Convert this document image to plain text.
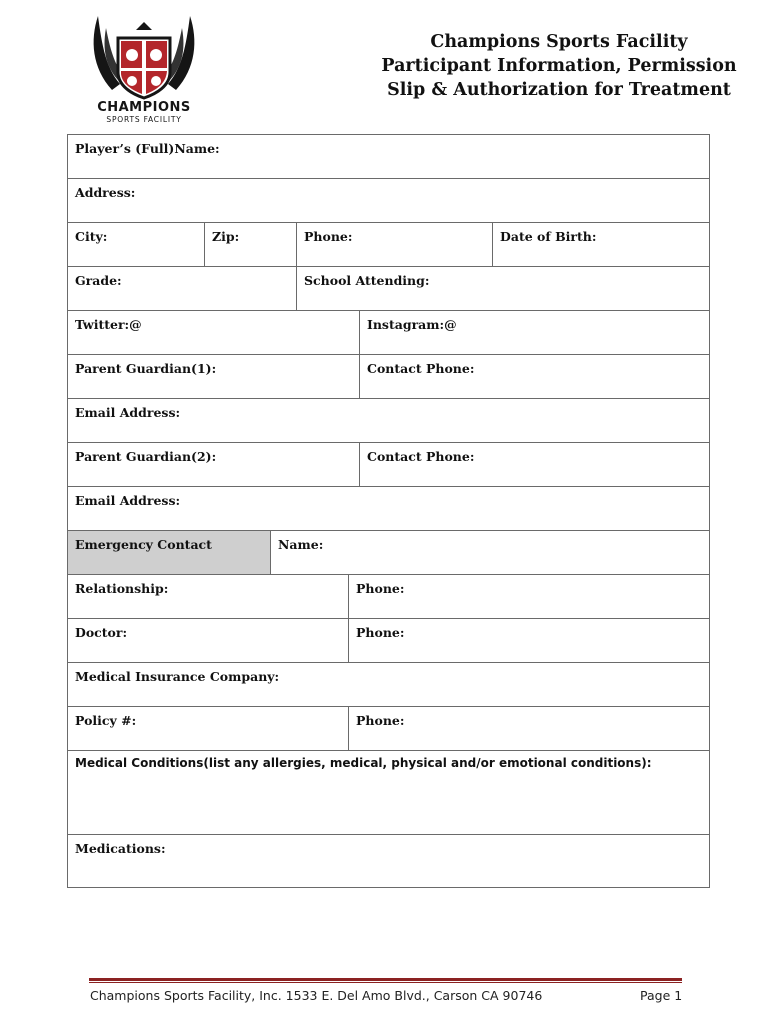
CHAMPIONS
SPORTS FACILITY
Champions Sports Facility
Participant Information, Permission
Slip & Authorization for Treatment
Player’s (Full)Name:
Address:
City:	Zip:	Phone:	Date of Birth:
Grade:	School Attending:
Twitter:@	Instagram:@
Parent Guardian(1):	Contact Phone:
Email Address:
Parent Guardian(2):	Contact Phone:
Email Address:
Emergency Contact	Name:
Relationship:	Phone:
Doctor:	Phone:
Medical Insurance Company:
Policy #:	Phone:
Medical Conditions(list any allergies, medical, physical and/or emotional conditions):
Medications:
Champions Sports Facility, Inc. 1533 E. Del Amo Blvd., Carson CA 90746	Page 1
